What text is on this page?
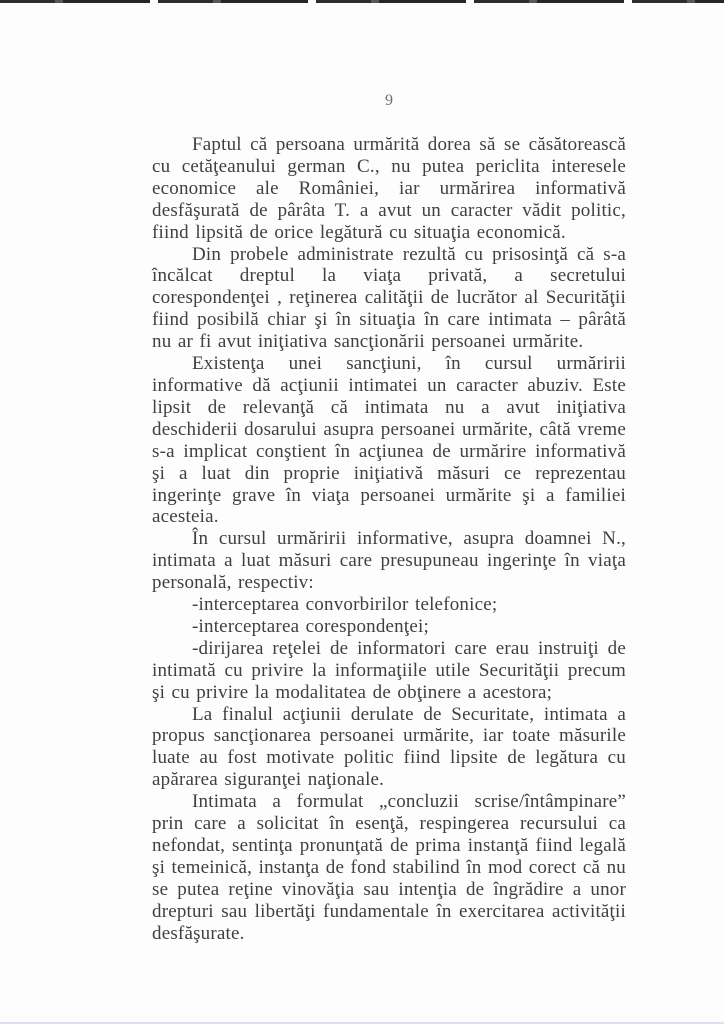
9

Faptul că persoana urmărită dorea să se căsătorească cu cetăţeanului german C., nu putea periclita interesele economice ale României, iar urmărirea informativă desfăşurată de pârâta T. a avut un caracter vădit politic, fiind lipsită de orice legătură cu situaţia economică.

Din probele administrate rezultă cu prisosinţă că s-a încălcat dreptul la viaţa privată, a secretului corespondenţei , reţinerea calităţii de lucrător al Securităţii fiind posibilă chiar şi în situaţia în care intimata – pârâtă nu ar fi avut iniţiativa sancţionării persoanei urmărite.

Existenţa unei sancţiuni, în cursul urmăririi informative dă acţiunii intimatei un caracter abuziv. Este lipsit de relevanţă că intimata nu a avut iniţiativa deschiderii dosarului asupra persoanei urmărite, câtă vreme s-a implicat conştient în acţiunea de urmărire informativă şi a luat din proprie iniţiativă măsuri ce reprezentau ingerinţe grave în viaţa persoanei urmărite şi a familiei acesteia.

În cursul urmăririi informative, asupra doamnei N., intimata a luat măsuri care presupuneau ingerinţe în viaţa personală, respectiv:

-interceptarea convorbirilor telefonice;

-interceptarea corespondenţei;

-dirijarea reţelei de informatori care erau instruiţi de intimată cu privire la informaţiile utile Securităţii precum şi cu privire la modalitatea de obţinere a acestora;

La finalul acţiunii derulate de Securitate, intimata a propus sancţionarea persoanei urmărite, iar toate măsurile luate au fost motivate politic fiind lipsite de legătura cu apărarea siguranţei naţionale.

Intimata a formulat „concluzii scrise/întâmpinare” prin care a solicitat în esenţă, respingerea recursului ca nefondat, sentinţa pronunţată de prima instanţă fiind legală şi temeinică, instanţa de fond stabilind în mod corect că nu se putea reţine vinovăţia sau intenţia de îngrădire a unor drepturi sau libertăţi fundamentale în exercitarea activităţii desfăşurate.
